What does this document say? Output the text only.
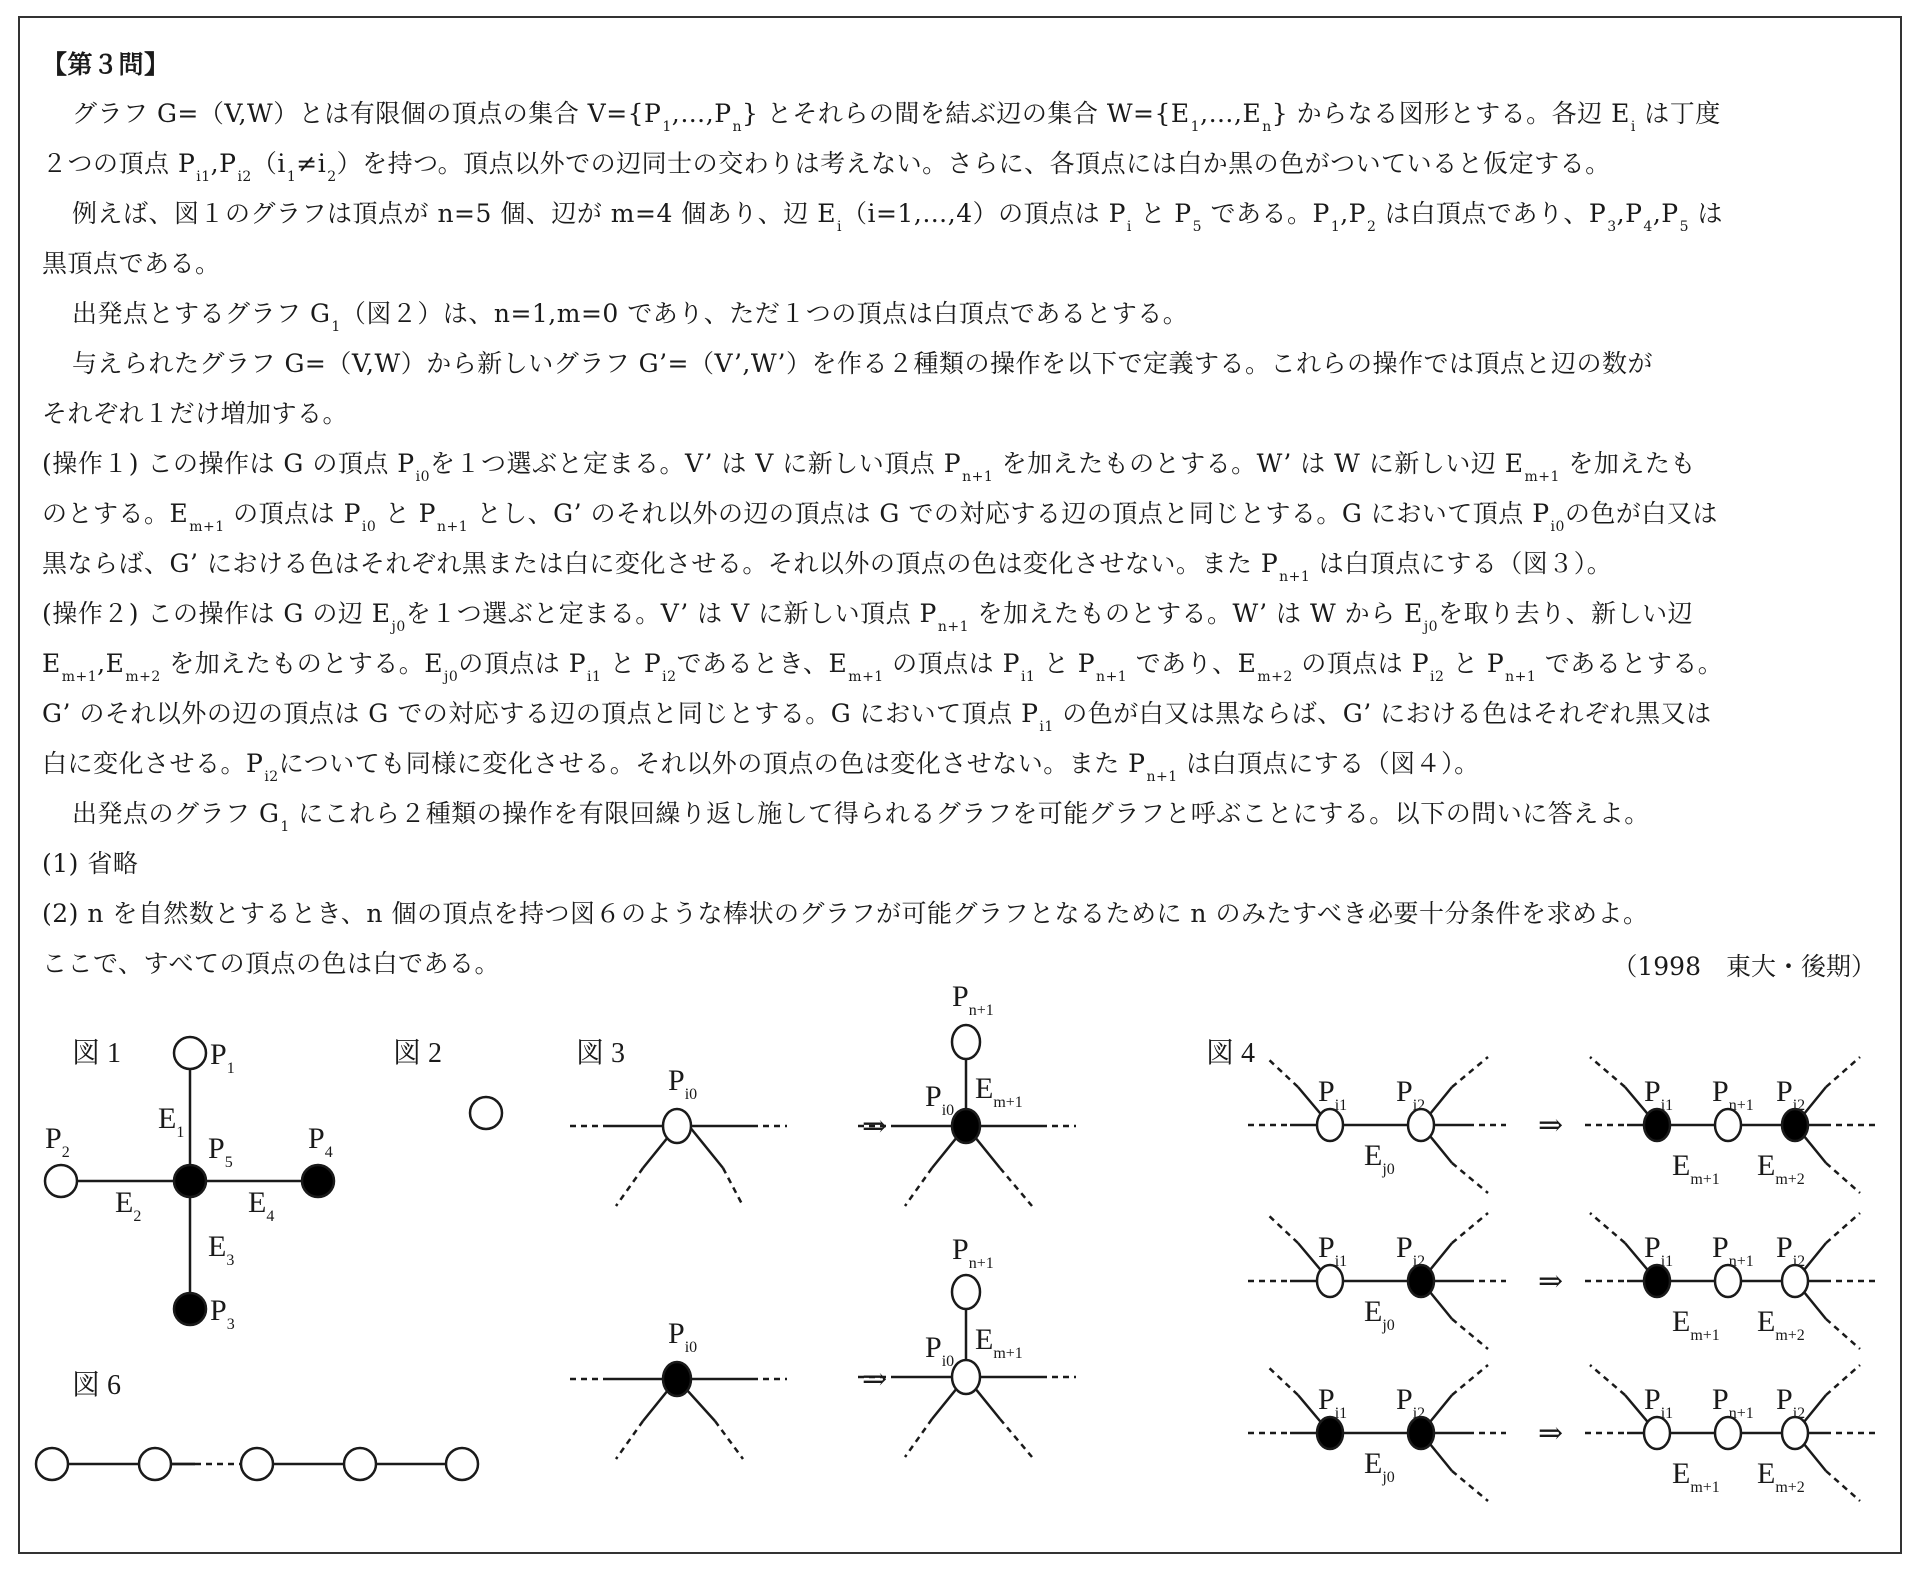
【第３問】
グラフ G=（V,W）とは有限個の頂点の集合 $V=\{P_1,\dots,P_n\}$ とそれらの間を結ぶ辺の集合 $W=\{E_1,\dots,E_n\}$ からなる図形とする。各辺 $E_i$ は丁度
２つの頂点 $P_{i1},P_{i2}(i_1\ne i_2)$を持つ。頂点以外での辺同士の交わりは考えない。さらに、各頂点には白か黒の色がついていると仮定する。
例えば、図１のグラフは頂点が n=5 個、辺が m=4 個あり、辺 $E_i(i=1,\dots,4)$の頂点は $P_i$ と $P_5$ である。$P_1,P_2$ は白頂点であり、$P_3,P_4,P_5$ は
黒頂点である。
出発点とするグラフ $G_1$（図２）は、n=1,m=0 であり、ただ１つの頂点は白頂点であるとする。
与えられたグラフ G=（V,W）から新しいグラフ G’=（V’,W’）を作る２種類の操作を以下で定義する。これらの操作では頂点と辺の数が
それぞれ１だけ増加する。
(操作１) この操作は G の頂点 $P_{i0}$を１つ選ぶと定まる。V’ は V に新しい頂点 $P_{n+1}$ を加えたものとする。W’ は W に新しい辺 $E_{m+1}$ を加えたも
のとする。$E_{m+1}$ の頂点は $P_{i0}$ と $P_{n+1}$ とし、G’ のそれ以外の辺の頂点は G での対応する辺の頂点と同じとする。G において頂点 $P_{i0}$の色が白又は
黒ならば、G’ における色はそれぞれ黒または白に変化させる。それ以外の頂点の色は変化させない。また $P_{n+1}$ は白頂点にする（図３）。
(操作２) この操作は G の辺 $E_{j0}$を１つ選ぶと定まる。V’ は V に新しい頂点 $P_{n+1}$ を加えたものとする。W’ は W から $E_{j0}$を取り去り、新しい辺
$E_{m+1},E_{m+2}$ を加えたものとする。$E_{j0}$の頂点は $P_{i1}$ と $P_{i2}$であるとき、$E_{m+1}$ の頂点は $P_{i1}$ と $P_{n+1}$ であり、$E_{m+2}$ の頂点は $P_{i2}$ と $P_{n+1}$ であるとする。
G’ のそれ以外の辺の頂点は G での対応する辺の頂点と同じとする。G において頂点 $P_{i1}$ の色が白又は黒ならば、G’ における色はそれぞれ黒又は
白に変化させる。$P_{i2}$についても同様に変化させる。それ以外の頂点の色は変化させない。また $P_{n+1}$ は白頂点にする（図４）。
出発点のグラフ $G_1$ にこれら２種類の操作を有限回繰り返し施して得られるグラフを可能グラフと呼ぶことにする。以下の問いに答えよ。
(1) 省略
(2) n を自然数とするとき、n 個の頂点を持つ図６のような棒状のグラフが可能グラフとなるために n のみたすべき必要十分条件を求めよ。
ここで、すべての頂点の色は白である。	（1998　東大・後期）
図 1	$P_1$
$P_2$
$P_3$
$P_4$
$P_5$
$E_1$
$E_2$
$E_3$
$E_4$
図 2
図 6
図 3
$P_{i0}$
⇒
$P_{n+1}$
$P_{i0}$
$E_{m+1}$
$P_{i0}$
⇒
$P_{n+1}$
$P_{i0}$
$E_{m+1}$
図 4
$P_{i1}$ $P_{i2}$
$E_{j0}$
⇒
$P_{i1}$ $P_{n+1}$ $P_{i2}$
$E_{m+1}$ $E_{m+2}$
$P_{i1}$ $P_{i2}$
$E_{j0}$
⇒
$P_{i1}$ $P_{n+1}$ $P_{i2}$
$E_{m+1}$ $E_{m+2}$
$P_{i1}$ $P_{i2}$
$E_{j0}$
⇒
$P_{i1}$ $P_{n+1}$ $P_{i2}$
$E_{m+1}$ $E_{m+2}$
